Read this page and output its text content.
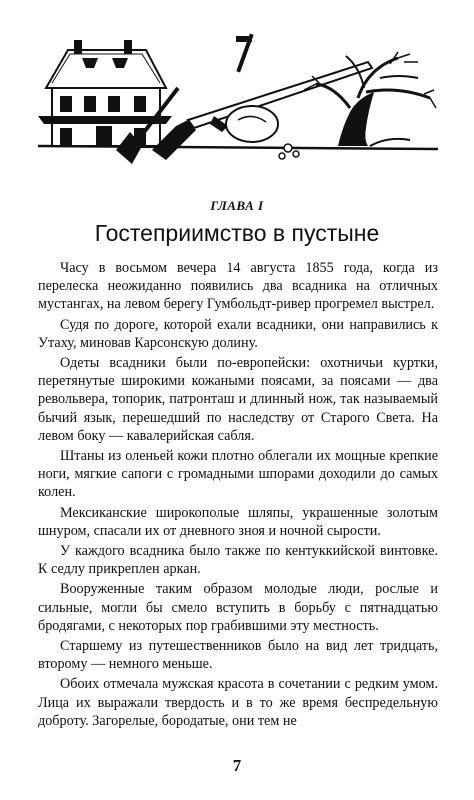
ГЛАВА I
Гостеприимство в пустыне

Часу в восьмом вечера 14 августа 1855 года, когда из перелеска неожиданно появились два всадника на отличных мустангах, на левом берегу Гумбольдт-ривер прогремел выстрел.

Судя по дороге, которой ехали всадники, они направились к Утаху, миновав Карсонскую долину.

Одеты всадники были по-европейски: охотничьи куртки, перетянутые широкими кожаными поясами, за поясами — два револьвера, топорик, патронташ и длинный нож, так называемый бычий язык, перешедший по наследству от Старого Света. На левом боку — кавалерийская сабля.

Штаны из оленьей кожи плотно облегали их мощные крепкие ноги, мягкие сапоги с громадными шпорами доходили до самых колен.

Мексиканские широкополые шляпы, украшенные золотым шнуром, спасали их от дневного зноя и ночной сырости.

У каждого всадника было также по кентуккийской винтовке. К седлу прикреплен аркан.

Вооруженные таким образом молодые люди, рослые и сильные, могли бы смело вступить в борьбу с пятнадцатью бродягами, с некоторых пор грабившими эту местность.

Старшему из путешественников было на вид лет тридцать, второму — немного меньше.

Обоих отмечала мужская красота в сочетании с редким умом. Лица их выражали твердость и в то же время беспредельную доброту. Загорелые, бородатые, они тем не

7
